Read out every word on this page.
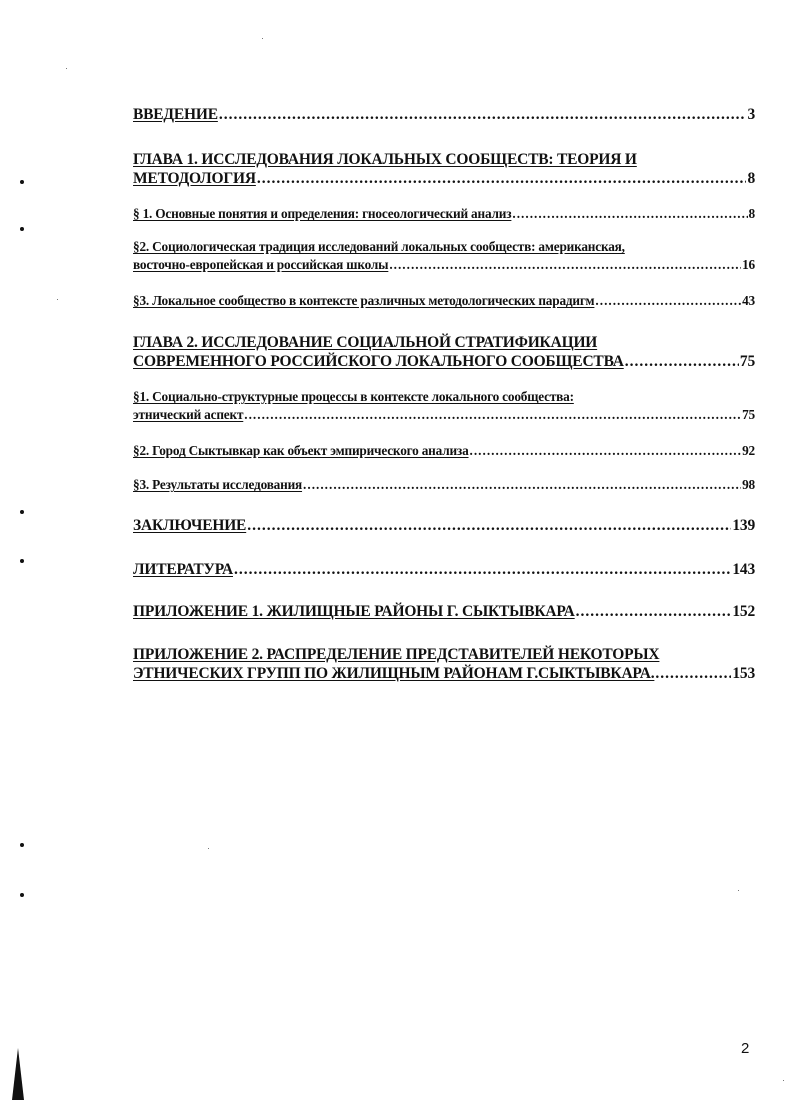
ВВЕДЕНИЕ .....	3
ГЛАВА 1. ИССЛЕДОВАНИЯ ЛОКАЛЬНЫХ СООБЩЕСТВ: ТЕОРИЯ И
МЕТОДОЛОГИЯ .....	8
§ 1. Основные понятия и определения: гносеологический анализ .....	8
§2. Социологическая традиция исследований локальных сообществ: американская,
восточно-европейская и российская школы .....	16
§3. Локальное сообщество в контексте различных методологических парадигм .....	43
ГЛАВА 2. ИССЛЕДОВАНИЕ СОЦИАЛЬНОЙ СТРАТИФИКАЦИИ
СОВРЕМЕННОГО РОССИЙСКОГО ЛОКАЛЬНОГО СООБЩЕСТВА .....	75
§1. Социально-структурные процессы в контексте локального сообщества:
этнический аспект .....	75
§2. Город Сыктывкар как объект эмпирического анализа .....	92
§3. Результаты исследования .....	98
ЗАКЛЮЧЕНИЕ .....	139
ЛИТЕРАТУРА .....	143
ПРИЛОЖЕНИЕ 1. ЖИЛИЩНЫЕ РАЙОНЫ Г. СЫКТЫВКАРА .....	152
ПРИЛОЖЕНИЕ 2. РАСПРЕДЕЛЕНИЕ ПРЕДСТАВИТЕЛЕЙ НЕКОТОРЫХ
ЭТНИЧЕСКИХ ГРУПП ПО ЖИЛИЩНЫМ РАЙОНАМ Г.СЫКТЫВКАРА. .....	153
2
